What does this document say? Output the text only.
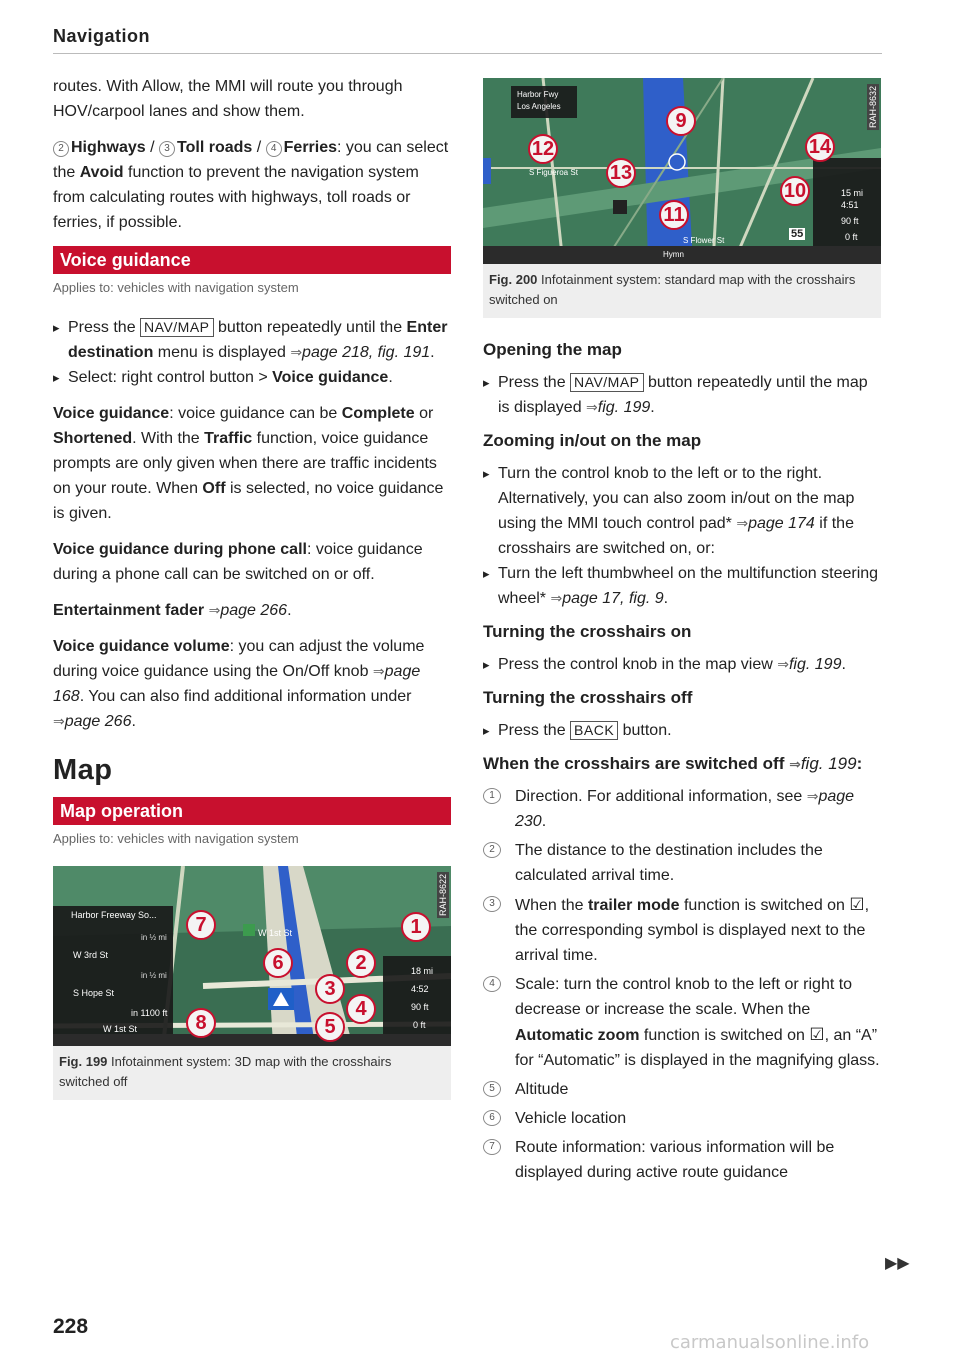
Navigation

routes. With Allow, the MMI will route you through HOV/carpool lanes and show them.

2 Highways / 3 Toll roads / 4 Ferries: you can select the Avoid function to prevent the navigation system from calculating routes with highways, toll roads or ferries, if possible.

Voice guidance
Applies to: vehicles with navigation system
▸ Press the NAV/MAP button repeatedly until the Enter destination menu is displayed ⇒page 218, fig. 191.
▸ Select: right control button > Voice guidance.

Voice guidance: voice guidance can be Complete or Shortened. With the Traffic function, voice guidance prompts are only given when there are traffic incidents on your route. When Off is selected, no voice guidance is given.

Voice guidance during phone call: voice guidance during a phone call can be switched on or off.

Entertainment fader ⇒page 266.

Voice guidance volume: you can adjust the volume during voice guidance using the On/Off knob ⇒page 168. You can also find additional information under ⇒page 266.

Map
Map operation
Applies to: vehicles with navigation system
RAH-8622
Harbor Freeway So...
W 3rd St
S Hope St
W 1st St
W 1st St
in ½ mi
in ½ mi
in 1100 ft
18 mi
4:52
90 ft
0 ft
1
2
3
4
5
6
7
8
Fig. 199 Infotainment system: 3D map with the crosshairs switched off
RAH-8632
Harbor Fwy
Los Angeles
S Figueroa St
S Flower St
Hymn
15 mi
4:51
90 ft
0 ft
55
9
10
11
12
13
14
Fig. 200 Infotainment system: standard map with the crosshairs switched on
Opening the map
▸ Press the NAV/MAP button repeatedly until the map is displayed ⇒fig. 199.
Zooming in/out on the map
▸ Turn the control knob to the left or to the right. Alternatively, you can also zoom in/out on the map using the MMI touch control pad* ⇒page 174 if the crosshairs are switched on, or:
▸ Turn the left thumbwheel on the multifunction steering wheel* ⇒page 17, fig. 9.
Turning the crosshairs on
▸ Press the control knob in the map view ⇒fig. 199.
Turning the crosshairs off
▸ Press the BACK button.
When the crosshairs are switched off ⇒fig. 199:
1	Direction. For additional information, see ⇒page 230.
2	The distance to the destination includes the calculated arrival time.
3	When the trailer mode function is switched on ☑, the corresponding symbol is displayed next to the arrival time.
4	Scale: turn the control knob to the left or right to decrease or increase the scale. When the Automatic zoom function is switched on ☑, an “A” for “Automatic” is displayed in the magnifying glass.
5	Altitude
6	Vehicle location
7	Route information: various information will be displayed during active route guidance
▶▶
228
carmanualsonline.info
